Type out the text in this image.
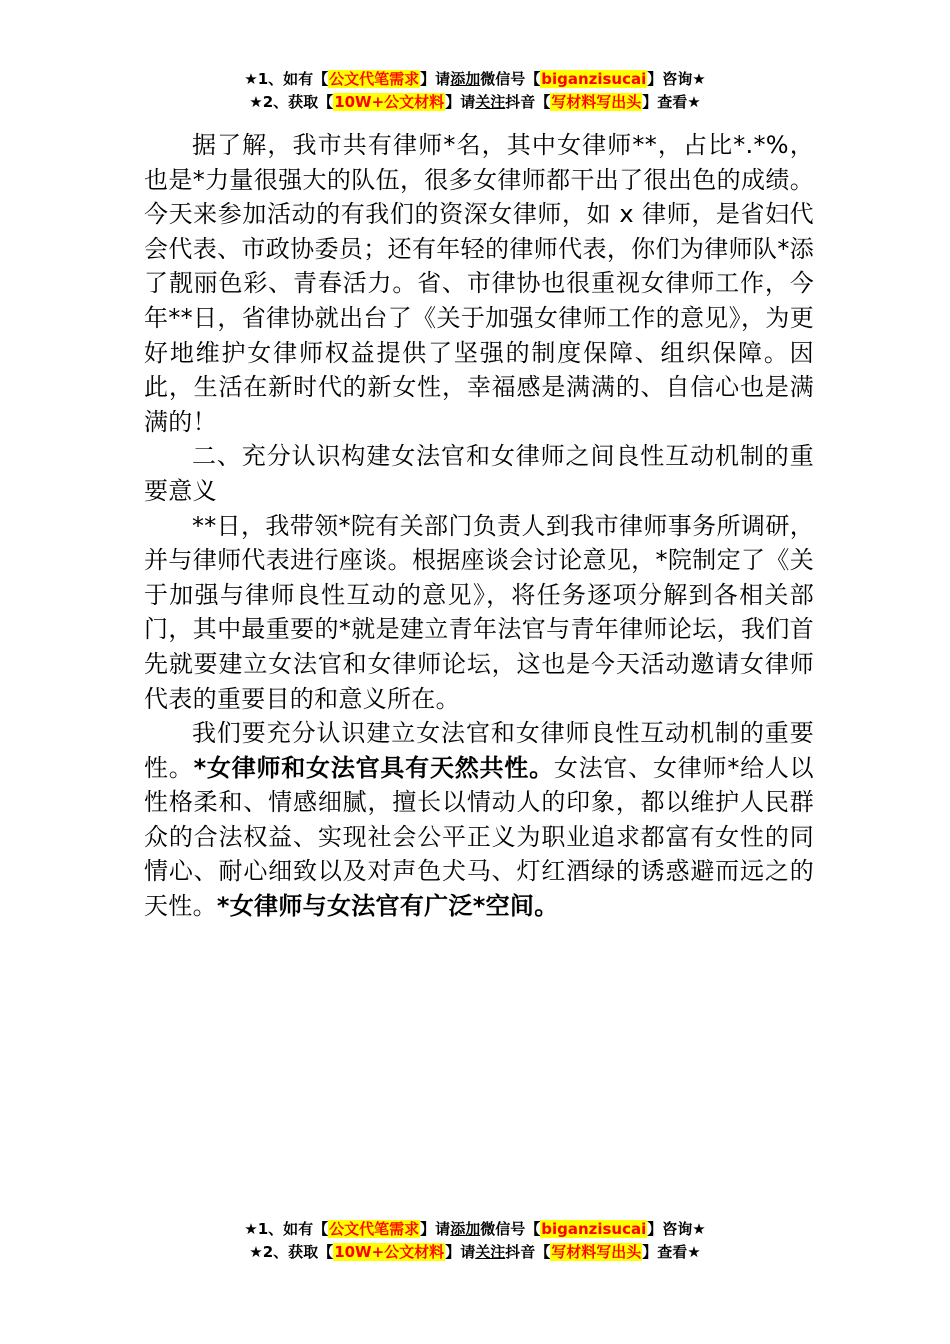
★1、如有【公文代笔需求】请添加微信号【biganzisucai】咨询★
★2、获取【10W+公文材料】请关注抖音【写材料写出头】查看★

据了解，我市共有律师*名，其中女律师**，占比*.*%，也是*力量很强大的队伍，很多女律师都干出了很出色的成绩。今天来参加活动的有我们的资深女律师，如 x 律师，是省妇代会代表、市政协委员；还有年轻的律师代表，你们为律师队*添了靓丽色彩、青春活力。省、市律协也很重视女律师工作，今年**日，省律协就出台了《关于加强女律师工作的意见》，为更好地维护女律师权益提供了坚强的制度保障、组织保障。因此，生活在新时代的新女性，幸福感是满满的、自信心也是满满的！

二、充分认识构建女法官和女律师之间良性互动机制的重要意义

**日，我带领*院有关部门负责人到我市律师事务所调研，并与律师代表进行座谈。根据座谈会讨论意见，*院制定了《关于加强与律师良性互动的意见》，将任务逐项分解到各相关部门，其中最重要的*就是建立青年法官与青年律师论坛，我们首先就要建立女法官和女律师论坛，这也是今天活动邀请女律师代表的重要目的和意义所在。

我们要充分认识建立女法官和女律师良性互动机制的重要性。*女律师和女法官具有天然共性。女法官、女律师*给人以性格柔和、情感细腻，擅长以情动人的印象，都以维护人民群众的合法权益、实现社会公平正义为职业追求都富有女性的同情心、耐心细致以及对声色犬马、灯红酒绿的诱惑避而远之的天性。*女律师与女法官有广泛*空间。

★1、如有【公文代笔需求】请添加微信号【biganzisucai】咨询★
★2、获取【10W+公文材料】请关注抖音【写材料写出头】查看★
